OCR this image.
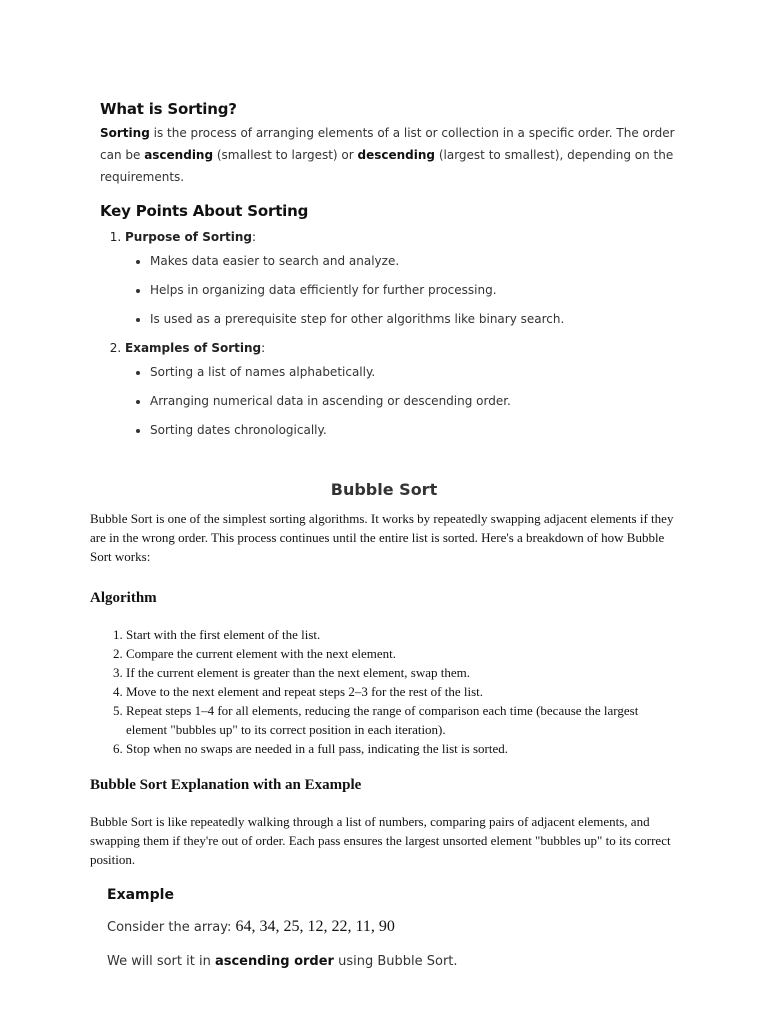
What is Sorting?

Sorting is the process of arranging elements of a list or collection in a specific order. The order can be ascending (smallest to largest) or descending (largest to smallest), depending on the requirements.

Key Points About Sorting
1. Purpose of Sorting:
• Makes data easier to search and analyze.
• Helps in organizing data efficiently for further processing.
• Is used as a prerequisite step for other algorithms like binary search.
2. Examples of Sorting:
• Sorting a list of names alphabetically.
• Arranging numerical data in ascending or descending order.
• Sorting dates chronologically.
Bubble Sort

Bubble Sort is one of the simplest sorting algorithms. It works by repeatedly swapping adjacent elements if they are in the wrong order. This process continues until the entire list is sorted. Here's a breakdown of how Bubble Sort works:

Algorithm
1. Start with the first element of the list.
2. Compare the current element with the next element.
3. If the current element is greater than the next element, swap them.
4. Move to the next element and repeat steps 2–3 for the rest of the list.
5. Repeat steps 1–4 for all elements, reducing the range of comparison each time (because the largest element "bubbles up" to its correct position in each iteration).
6. Stop when no swaps are needed in a full pass, indicating the list is sorted.
Bubble Sort Explanation with an Example

Bubble Sort is like repeatedly walking through a list of numbers, comparing pairs of adjacent elements, and swapping them if they're out of order. Each pass ensures the largest unsorted element "bubbles up" to its correct position.

Example

Consider the array: 64, 34, 25, 12, 22, 11, 90

We will sort it in ascending order using Bubble Sort.
